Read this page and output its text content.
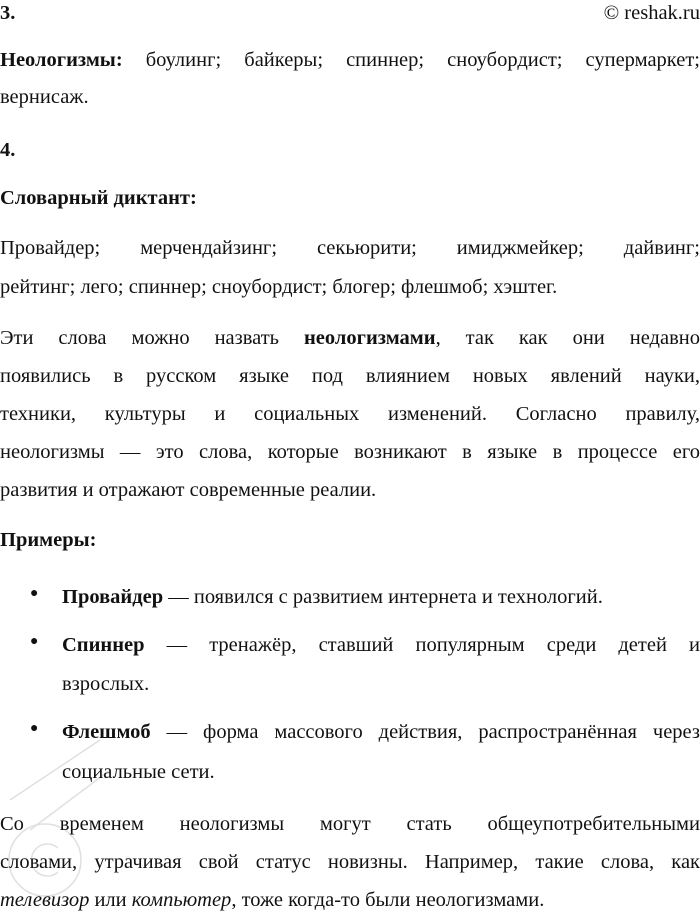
3.	© reshak.ru
Неологизмы: боулинг; байкеры; спиннер; сноубордист; супермаркет;
вернисаж.
4.
Словарный диктант:
Провайдер; мерчендайзинг; секьюрити; имиджмейкер; дайвинг;
рейтинг; лего; спиннер; сноубордист; блогер; флешмоб; хэштег.
Эти слова можно назвать неологизмами, так как они недавно
появились в русском языке под влиянием новых явлений науки,
техники, культуры и социальных изменений. Согласно правилу,
неологизмы — это слова, которые возникают в языке в процессе его
развития и отражают современные реалии.
Примеры:
● Провайдер — появился с развитием интернета и технологий.
● Спиннер — тренажёр, ставший популярным среди детей и
взрослых.
● Флешмоб — форма массового действия, распространённая через
социальные сети.
Со временем неологизмы могут стать общеупотребительными
словами, утрачивая свой статус новизны. Например, такие слова, как
телевизор или компьютер, тоже когда-то были неологизмами.
